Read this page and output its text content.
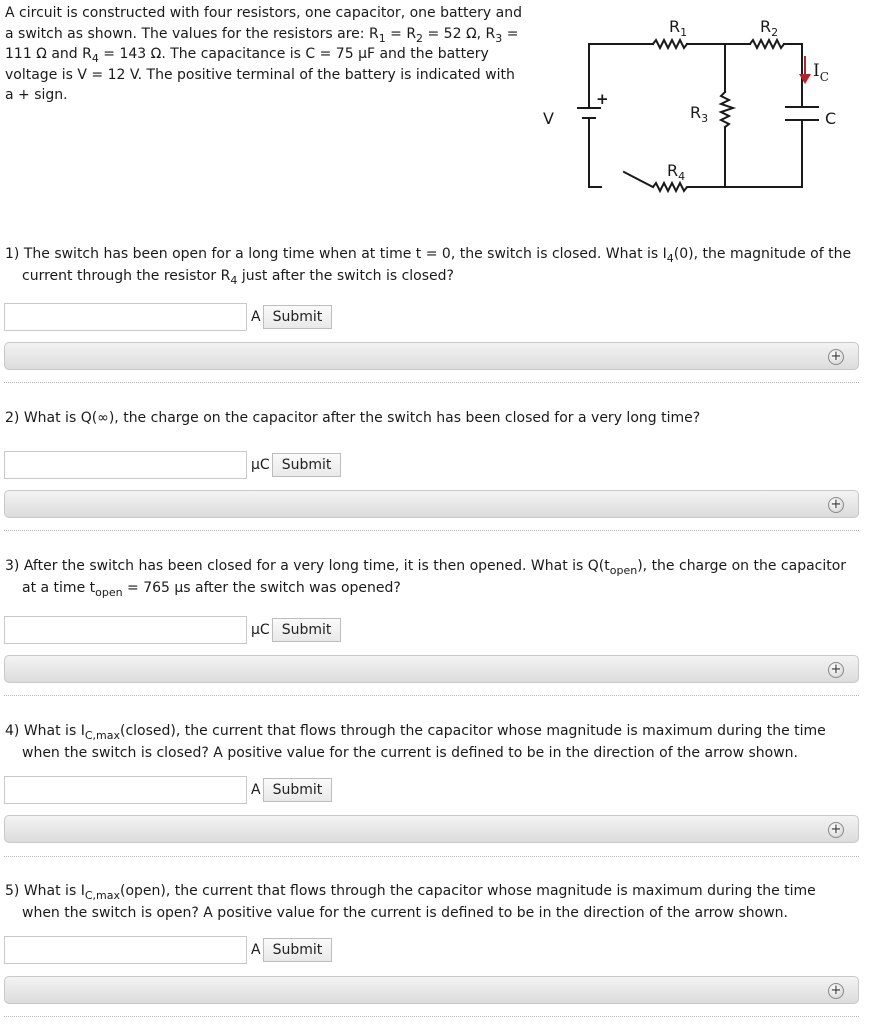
A circuit is constructed with four resistors, one capacitor, one battery and
a switch as shown. The values for the resistors are: $R_1 = R_2 = 52$ Ω, $R_3$ =
111 Ω and $R_4 = 143$ Ω. The capacitance is C = 75 μF and the battery
voltage is V = 12 V. The positive terminal of the battery is indicated with
a + sign.
$R_1$	$R_2$
$R_3$
$R_4$
V
+
$I_C$
C
1) The switch has been open for a long time when at time t = 0, the switch is closed. What is $I_4(0)$, the magnitude of the
current through the resistor $R_4$ just after the switch is closed?
A Submit
+
2) What is Q(∞), the charge on the capacitor after the switch has been closed for a very long time?
μC Submit
+
3) After the switch has been closed for a very long time, it is then opened. What is $Q(t_{open})$, the charge on the capacitor
at a time $t_{open} = 765$ μs after the switch was opened?
μC Submit
+
4) What is $I_{C,max}(closed)$, the current that flows through the capacitor whose magnitude is maximum during the time
when the switch is closed? A positive value for the current is defined to be in the direction of the arrow shown.
A Submit
+
5) What is $I_{C,max}(open)$, the current that flows through the capacitor whose magnitude is maximum during the time
when the switch is open? A positive value for the current is defined to be in the direction of the arrow shown.
A Submit
+
